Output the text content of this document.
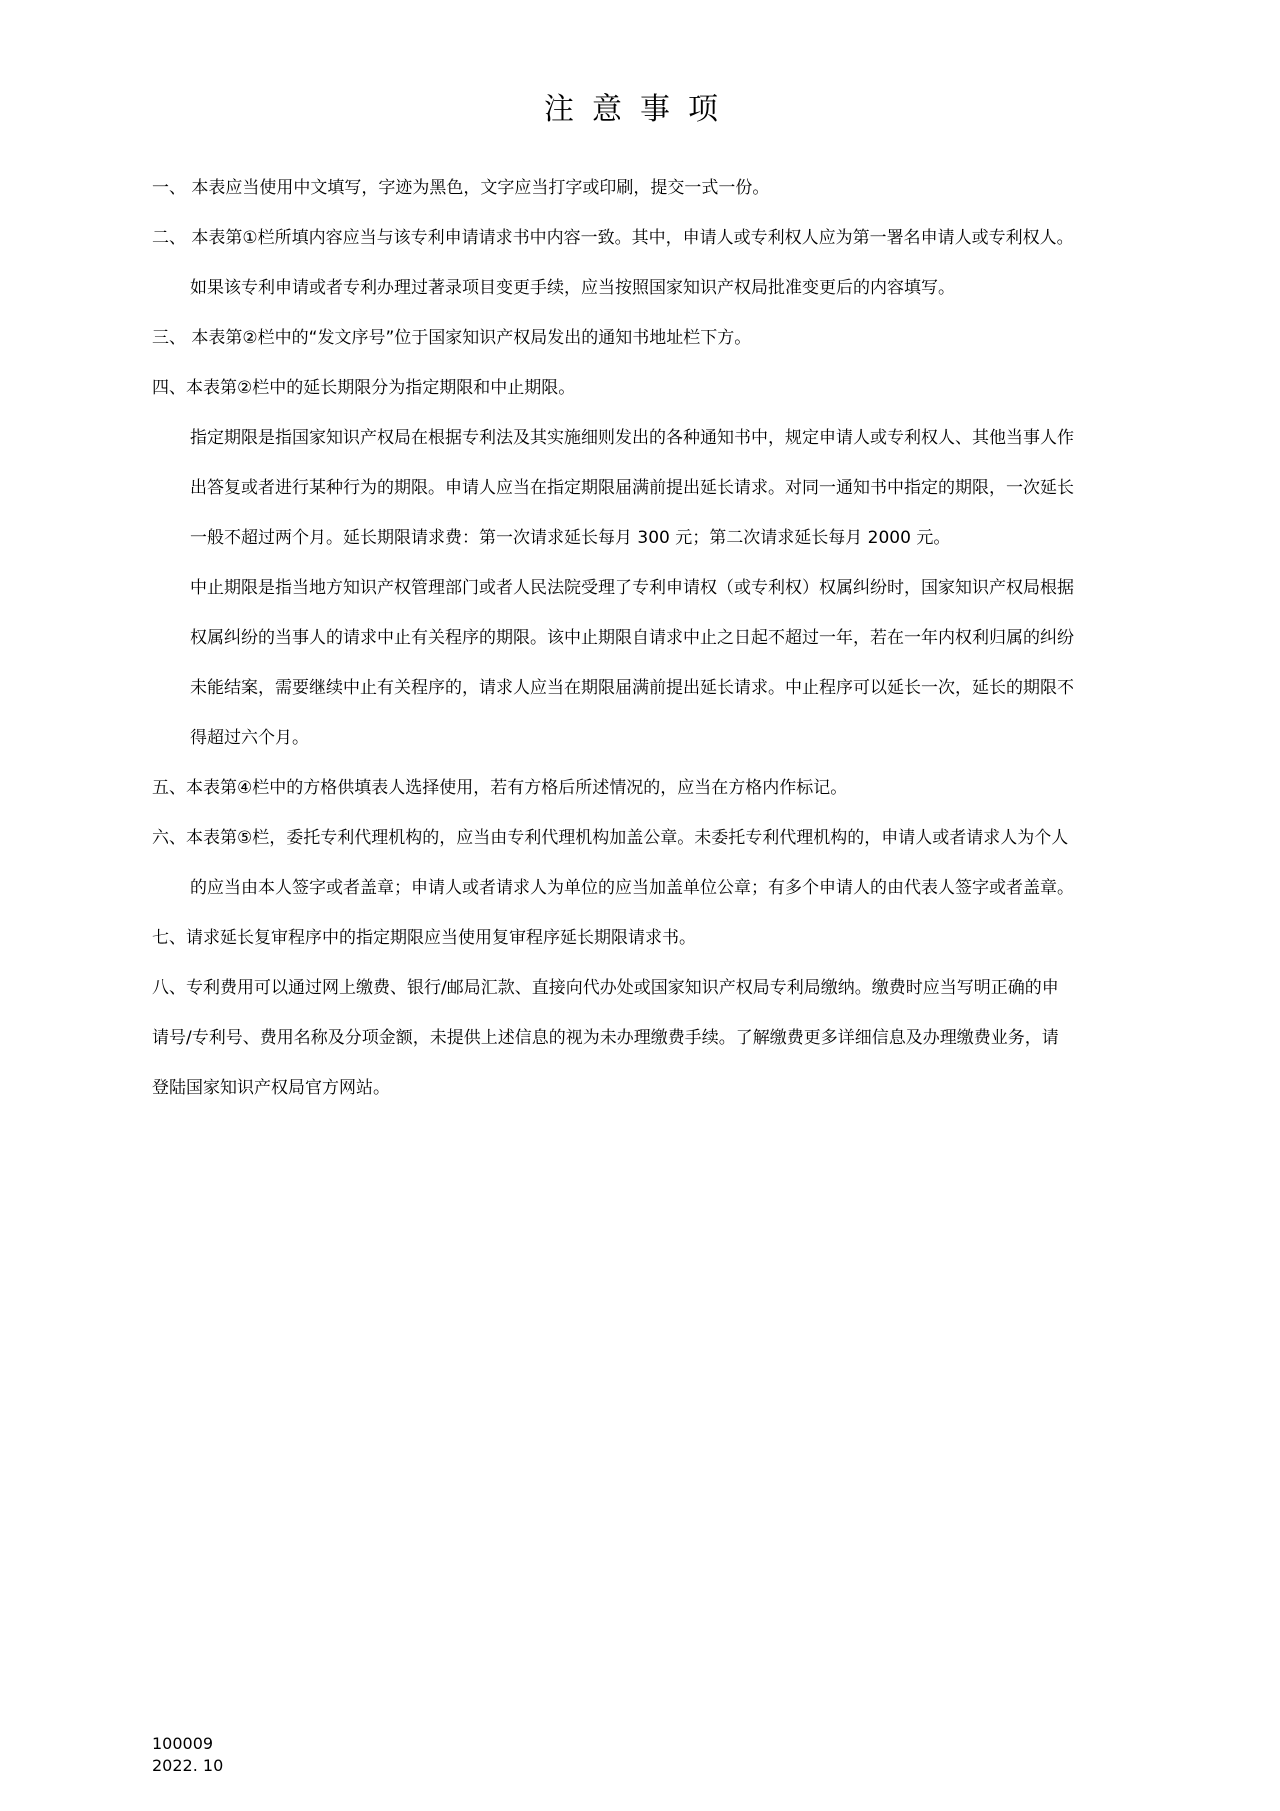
注意事项

一、 本表应当使用中文填写，字迹为黑色，文字应当打字或印刷，提交一式一份。

二、 本表第①栏所填内容应当与该专利申请请求书中内容一致。其中，申请人或专利权人应为第一署名申请人或专利权人。

如果该专利申请或者专利办理过著录项目变更手续，应当按照国家知识产权局批准变更后的内容填写。

三、 本表第②栏中的“发文序号”位于国家知识产权局发出的通知书地址栏下方。

四、本表第②栏中的延长期限分为指定期限和中止期限。

指定期限是指国家知识产权局在根据专利法及其实施细则发出的各种通知书中，规定申请人或专利权人、其他当事人作

出答复或者进行某种行为的期限。申请人应当在指定期限届满前提出延长请求。对同一通知书中指定的期限，一次延长

一般不超过两个月。延长期限请求费：第一次请求延长每月 300 元；第二次请求延长每月 2000 元。

中止期限是指当地方知识产权管理部门或者人民法院受理了专利申请权（或专利权）权属纠纷时，国家知识产权局根据

权属纠纷的当事人的请求中止有关程序的期限。该中止期限自请求中止之日起不超过一年，若在一年内权利归属的纠纷

未能结案，需要继续中止有关程序的，请求人应当在期限届满前提出延长请求。中止程序可以延长一次，延长的期限不

得超过六个月。

五、本表第④栏中的方格供填表人选择使用，若有方格后所述情况的，应当在方格内作标记。

六、本表第⑤栏，委托专利代理机构的，应当由专利代理机构加盖公章。未委托专利代理机构的，申请人或者请求人为个人

的应当由本人签字或者盖章；申请人或者请求人为单位的应当加盖单位公章；有多个申请人的由代表人签字或者盖章。

七、请求延长复审程序中的指定期限应当使用复审程序延长期限请求书。

八、专利费用可以通过网上缴费、银行/邮局汇款、直接向代办处或国家知识产权局专利局缴纳。缴费时应当写明正确的申

请号/专利号、费用名称及分项金额，未提供上述信息的视为未办理缴费手续。了解缴费更多详细信息及办理缴费业务，请

登陆国家知识产权局官方网站。

100009
2022. 10
